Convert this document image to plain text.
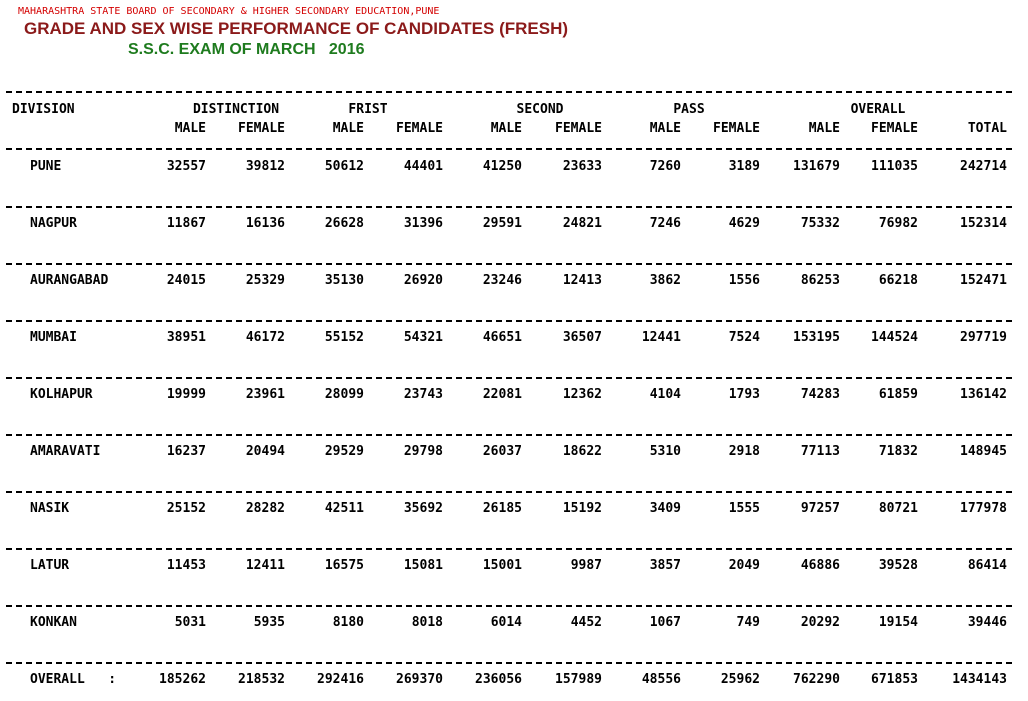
MAHARASHTRA STATE BOARD OF SECONDARY & HIGHER SECONDARY EDUCATION,PUNE
GRADE AND SEX WISE PERFORMANCE OF CANDIDATES (FRESH)
S.S.C. EXAM OF MARCH   2016
DIVISION	DISTINCTION	FRIST	SECOND	PASS	OVERALL
MALE	FEMALE	MALE	FEMALE	MALE	FEMALE	MALE	FEMALE	MALE	FEMALE	TOTAL
PUNE	32557	39812	50612	44401	41250	23633	7260	3189	131679	111035	242714
NAGPUR	11867	16136	26628	31396	29591	24821	7246	4629	75332	76982	152314
AURANGABAD	24015	25329	35130	26920	23246	12413	3862	1556	86253	66218	152471
MUMBAI	38951	46172	55152	54321	46651	36507	12441	7524	153195	144524	297719
KOLHAPUR	19999	23961	28099	23743	22081	12362	4104	1793	74283	61859	136142
AMARAVATI	16237	20494	29529	29798	26037	18622	5310	2918	77113	71832	148945
NASIK	25152	28282	42511	35692	26185	15192	3409	1555	97257	80721	177978
LATUR	11453	12411	16575	15081	15001	9987	3857	2049	46886	39528	86414
KONKAN	5031	5935	8180	8018	6014	4452	1067	749	20292	19154	39446
OVERALL   :	185262	218532	292416	269370	236056	157989	48556	25962	762290	671853	1434143
